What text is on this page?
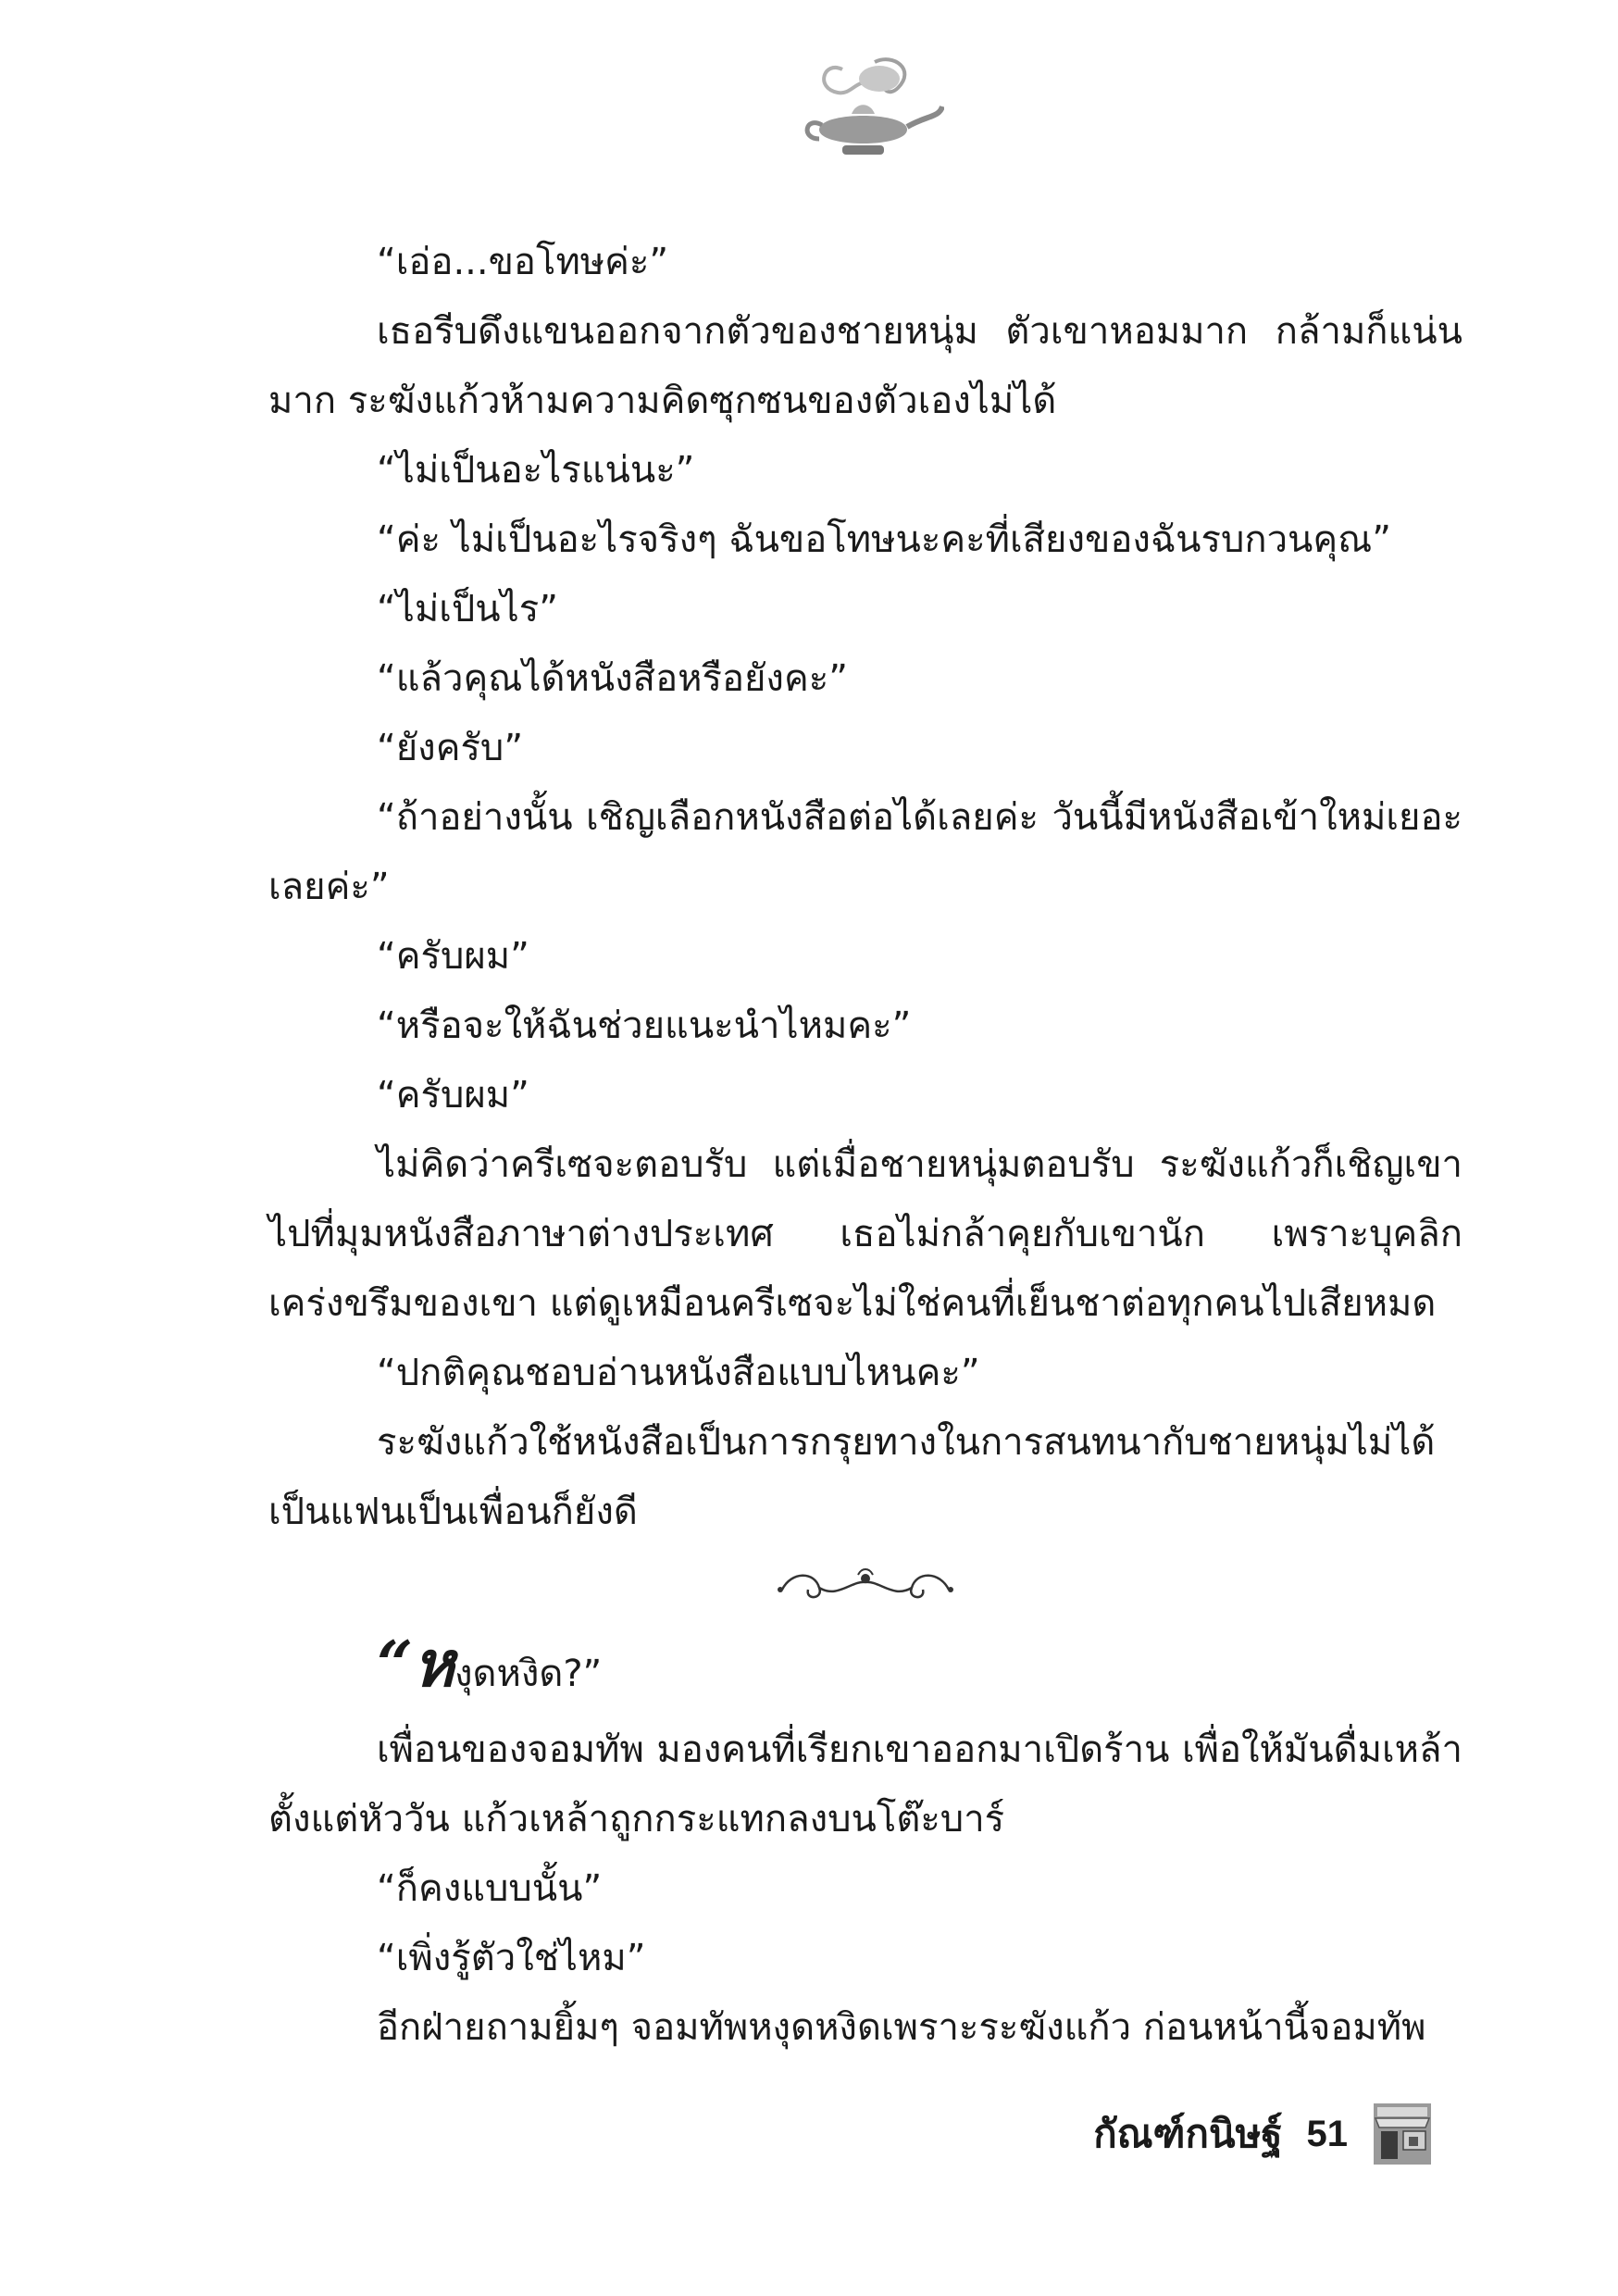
“เอ่อ...ขอโทษค่ะ”

เธอรีบดึงแขนออกจากตัวของชายหนุ่ม ตัวเขาหอมมาก กล้ามก็แน่นมาก ระฆังแก้วห้ามความคิดซุกซนของตัวเองไม่ได้

“ไม่เป็นอะไรแน่นะ”

“ค่ะ ไม่เป็นอะไรจริงๆ ฉันขอโทษนะคะที่เสียงของฉันรบกวนคุณ”

“ไม่เป็นไร”

“แล้วคุณได้หนังสือหรือยังคะ”

“ยังครับ”

“ถ้าอย่างนั้น เชิญเลือกหนังสือต่อได้เลยค่ะ วันนี้มีหนังสือเข้าใหม่เยอะเลยค่ะ”

“ครับผม”

“หรือจะให้ฉันช่วยแนะนำไหมคะ”

“ครับผม”

ไม่คิดว่าครีเซจะตอบรับ แต่เมื่อชายหนุ่มตอบรับ ระฆังแก้วก็เชิญเขาไปที่มุมหนังสือภาษาต่างประเทศ เธอไม่กล้าคุยกับเขานัก เพราะบุคลิกเคร่งขรึมของเขา แต่ดูเหมือนครีเซจะไม่ใช่คนที่เย็นชาต่อทุกคนไปเสียหมด

“ปกติคุณชอบอ่านหนังสือแบบไหนคะ”

ระฆังแก้วใช้หนังสือเป็นการกรุยทางในการสนทนากับชายหนุ่มไม่ได้เป็นแฟนเป็นเพื่อนก็ยังดี

“หงุดหงิด?”

เพื่อนของจอมทัพ มองคนที่เรียกเขาออกมาเปิดร้าน เพื่อให้มันดื่มเหล้าตั้งแต่หัววัน แก้วเหล้าถูกกระแทกลงบนโต๊ะบาร์

“ก็คงแบบนั้น”

“เพิ่งรู้ตัวใช่ไหม”

อีกฝ่ายถามยิ้มๆ จอมทัพหงุดหงิดเพราะระฆังแก้ว ก่อนหน้านี้จอมทัพ

กัณฑ์กนิษฐ์ 51
